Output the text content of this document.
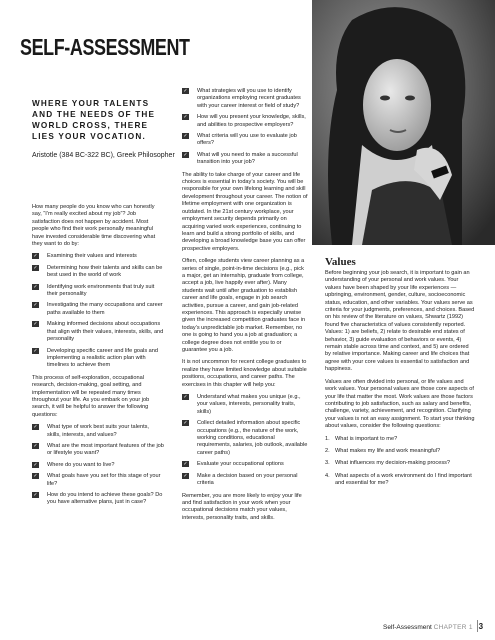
SELF-ASSESSMENT
WHERE YOUR TALENTS
AND THE NEEDS OF THE
WORLD CROSS, THERE
LIES YOUR VOCATION.
Aristotle (384 BC-322 BC), Greek Philosopher

How many people do you know who can honestly say, “I’m really excited about my job”? Job satisfaction does not happen by accident. Most people who find their work personally meaningful have invested considerable time discovering what they want to do by:

✓ Examining their values and interests
✓ Determining how their talents and skills can be best used in the world of work
✓ Identifying work environments that truly suit their personality
✓ Investigating the many occupations and career paths available to them
✓ Making informed decisions about occupations that align with their values, interests, skills, and personality
✓ Developing specific career and life goals and implementing a realistic action plan with timelines to achieve them

This process of self-exploration, occupational research, decision-making, goal setting, and implementation will be repeated many times throughout your life. As you embark on your job search, it will be helpful to answer the following questions:

✓ What type of work best suits your talents, skills, interests, and values?
✓ What are the most important features of the job or lifestyle you want?
✓ Where do you want to live?
✓ What goals have you set for this stage of your life?
✓ How do you intend to achieve these goals? Do you have alternative plans, just in case?
✓ What strategies will you use to identify organizations employing recent graduates with your career interest or field of study?
✓ How will you present your knowledge, skills, and abilities to prospective employers?
✓ What criteria will you use to evaluate job offers?
✓ What will you need to make a successful transition into your job?

The ability to take charge of your career and life choices is essential in today’s society. You will be responsible for your own lifelong learning and skill development throughout your career. The notion of lifetime employment with one organization is outdated. In the 21st century workplace, your employment security depends primarily on acquiring varied work experiences, continuing to learn and build a strong portfolio of skills, and developing a broad knowledge base you can offer prospective employers.

Often, college students view career planning as a series of single, point-in-time decisions (e.g., pick a major, get an internship, graduate from college, accept a job, live happily ever after). Many students wait until after graduation to establish career and life goals, engage in job search activities, pursue a career, and gain job-related experiences. This approach is especially unwise given the increased competition graduates face in today’s unpredictable job market. Remember, no one is going to hand you a job at graduation; a college degree does not entitle you to or guarantee you a job.

It is not uncommon for recent college graduates to realize they have limited knowledge about suitable positions, occupations, and career paths. The exercises in this chapter will help you:

✓ Understand what makes you unique (e.g., your values, interests, personality traits, skills)
✓ Collect detailed information about specific occupations (e.g., the nature of the work, working conditions, educational requirements, salaries, job outlook, available career paths)
✓ Evaluate your occupational options
✓ Make a decision based on your personal criteria

Remember, you are more likely to enjoy your life and find satisfaction in your work when your occupational decisions match your values, interests, personality traits, and skills.

Values

Before beginning your job search, it is important to gain an understanding of your personal and work values. Your values have been shaped by your life experiences — upbringing, environment, gender, culture, socioeconomic status, education, and other variables. Your values serve as criteria for your judgments, preferences, and choices. Based on his review of the literature on values, Shwartz (1992) found five characteristics of values consistently reported. Values: 1) are beliefs, 2) relate to desirable end states of behavior, 3) guide evaluation of behaviors or events, 4) remain stable across time and context, and 5) are ordered by relative importance. Making career and life choices that agree with your core values is essential to satisfaction and happiness.

Values are often divided into personal, or life values and work values. Your personal values are those core aspects of your life that matter the most. Work values are those factors contributing to job satisfaction, such as salary and benefits, challenge, variety, achievement, and recognition. Clarifying your values is not an easy assignment. To start your thinking about values, consider the following questions:

1. What is important to me?
2. What makes my life and work meaningful?
3. What influences my decision-making process?
4. What aspects of a work environment do I find important and essential for me?
Self-Assessment CHAPTER 1 3
